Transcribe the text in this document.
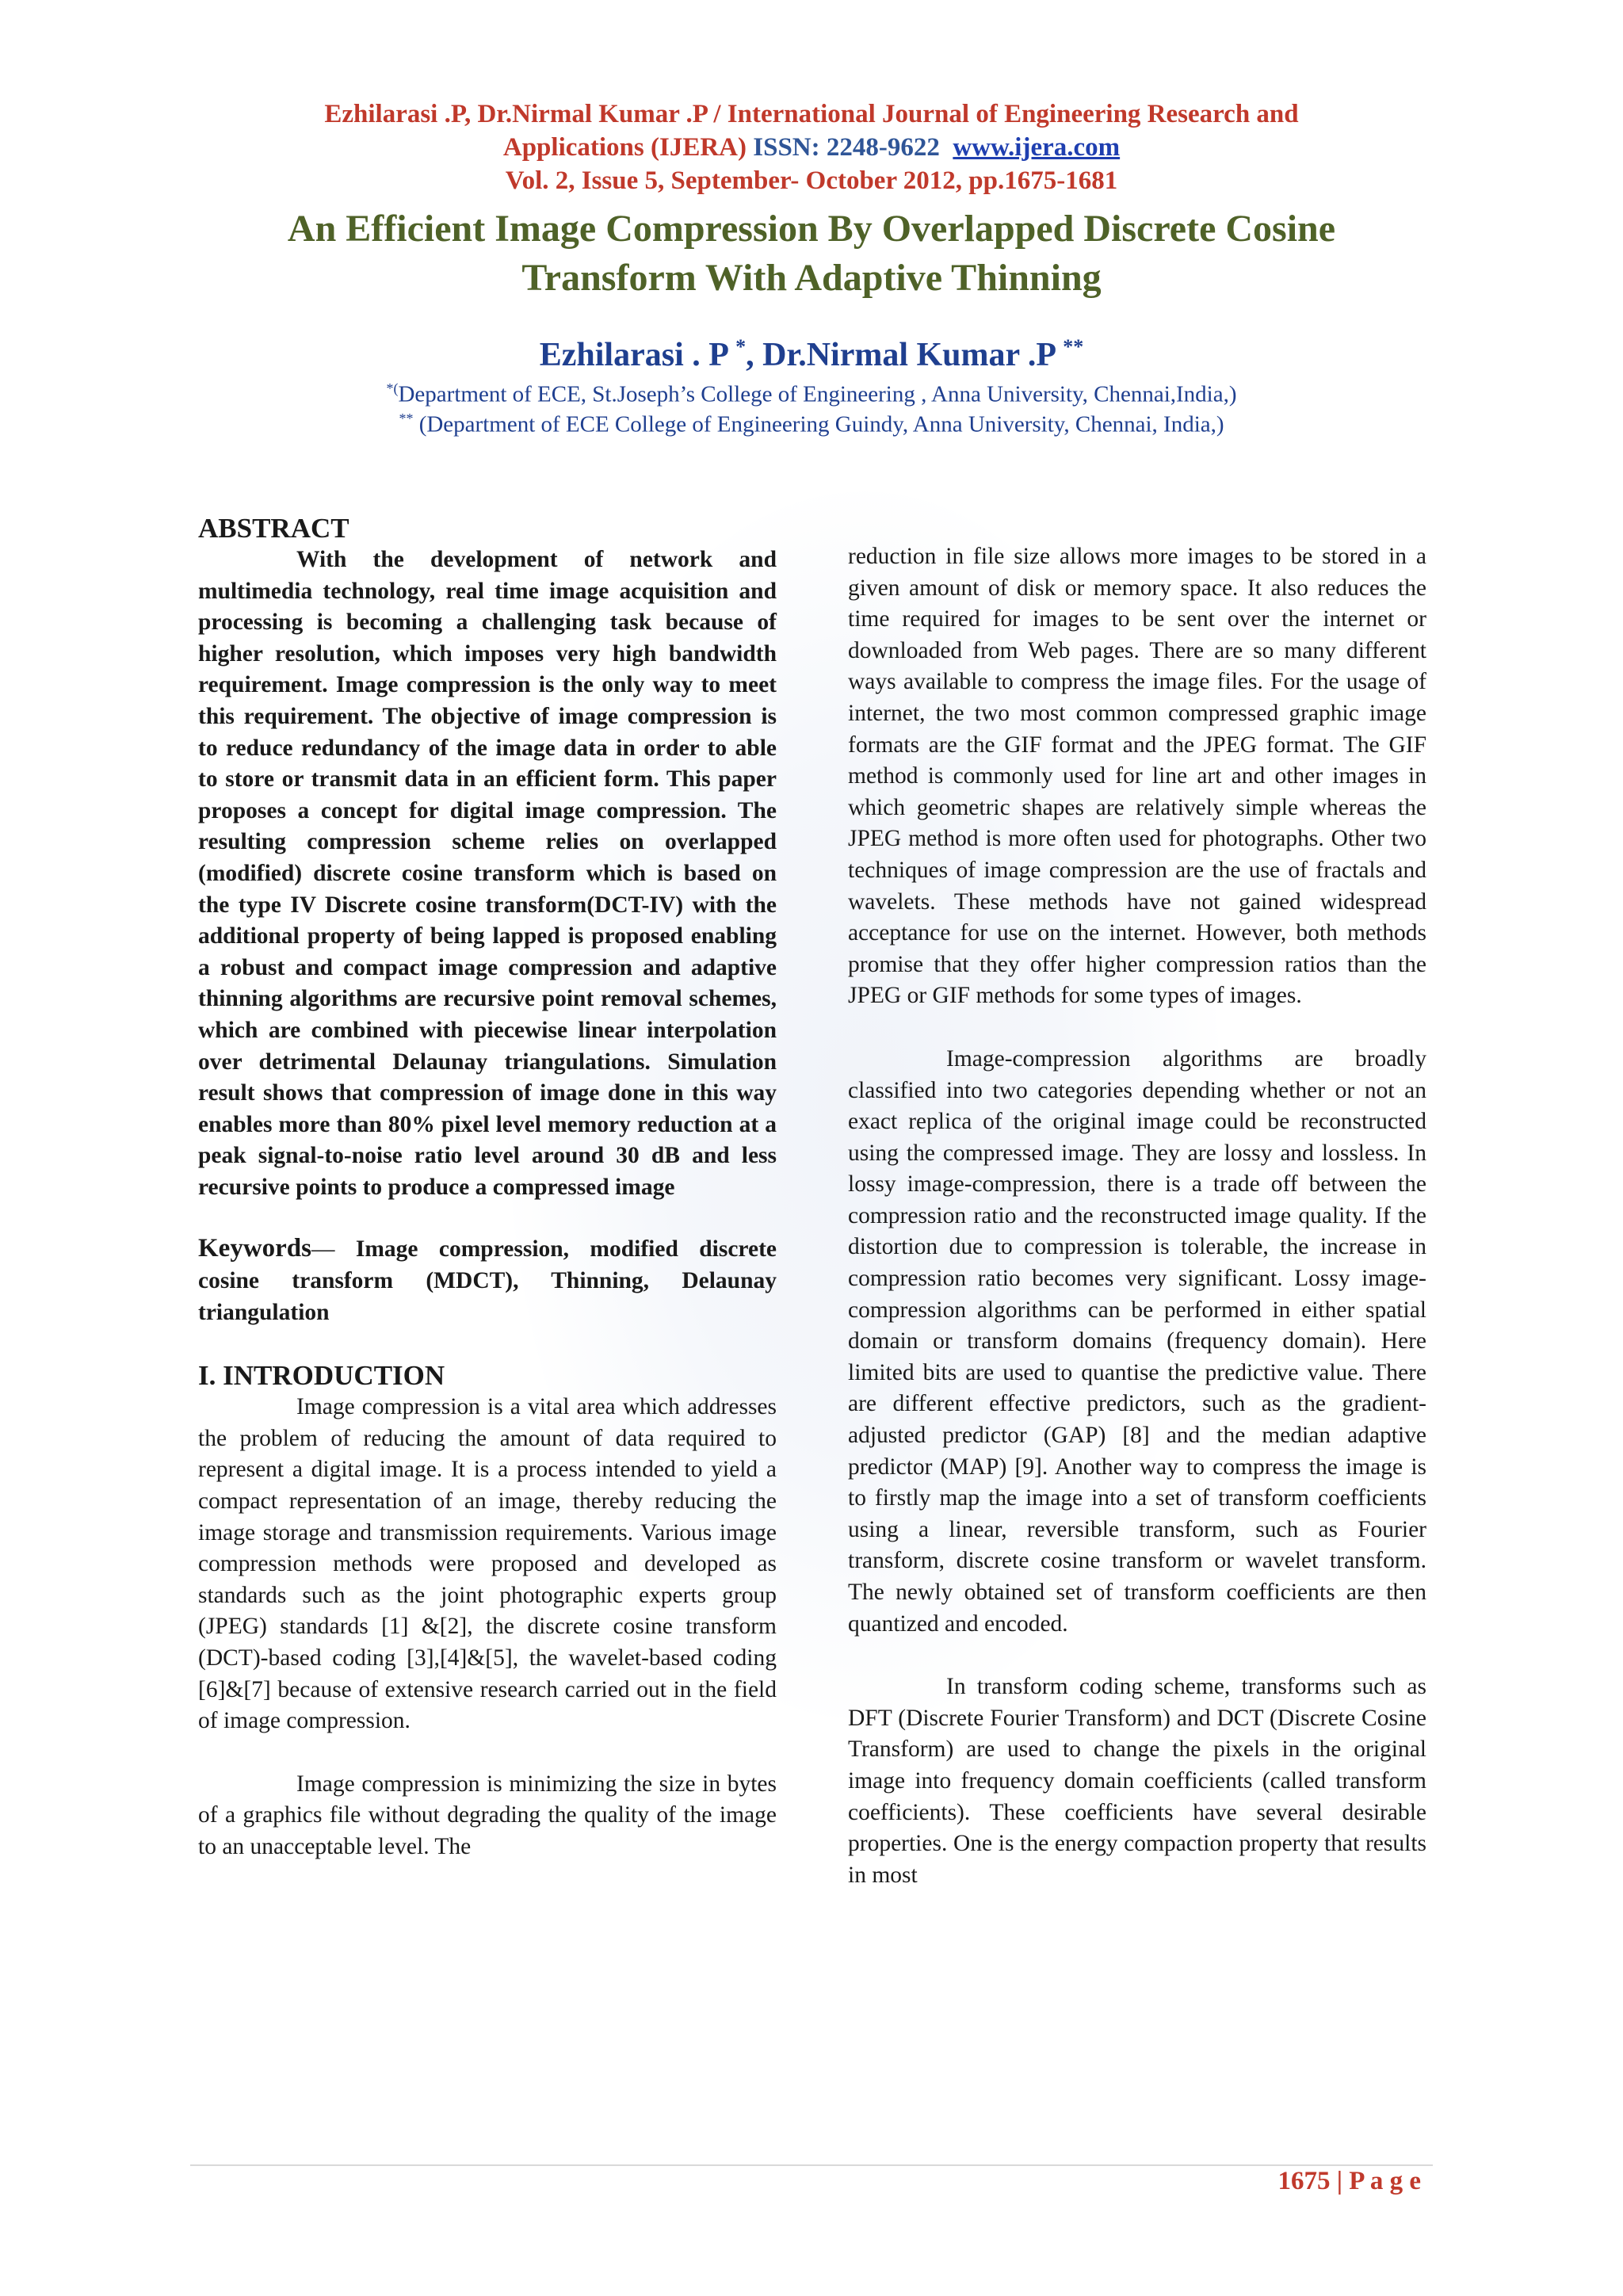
Ezhilarasi .P, Dr.Nirmal Kumar .P / International Journal of Engineering Research and
Applications (IJERA) ISSN: 2248-9622 www.ijera.com
Vol. 2, Issue 5, September- October 2012, pp.1675-1681
An Efficient Image Compression By Overlapped Discrete Cosine
Transform With Adaptive Thinning
Ezhilarasi . P *, Dr.Nirmal Kumar .P **
*(Department of ECE, St.Joseph’s College of Engineering , Anna University, Chennai,India,)
** (Department of ECE College of Engineering Guindy, Anna University, Chennai, India,)
ABSTRACT

With the development of network and multimedia technology, real time image acquisition and processing is becoming a challenging task because of higher resolution, which imposes very high bandwidth requirement. Image compression is the only way to meet this requirement. The objective of image compression is to reduce redundancy of the image data in order to able to store or transmit data in an efficient form. This paper proposes a concept for digital image compression. The resulting compression scheme relies on overlapped (modified) discrete cosine transform which is based on the type IV Discrete cosine transform(DCT-IV) with the additional property of being lapped is proposed enabling a robust and compact image compression and adaptive thinning algorithms are recursive point removal schemes, which are combined with piecewise linear interpolation over detrimental Delaunay triangulations. Simulation result shows that compression of image done in this way enables more than 80% pixel level memory reduction at a peak signal-to-noise ratio level around 30 dB and less recursive points to produce a compressed image

Keywords— Image compression, modified discrete cosine transform (MDCT), Thinning, Delaunay triangulation

I. INTRODUCTION

Image compression is a vital area which addresses the problem of reducing the amount of data required to represent a digital image. It is a process intended to yield a compact representation of an image, thereby reducing the image storage and transmission requirements. Various image compression methods were proposed and developed as standards such as the joint photographic experts group (JPEG) standards [1] &[2], the discrete cosine transform (DCT)-based coding [3],[4]&[5], the wavelet-based coding [6]&[7] because of extensive research carried out in the field of image compression.

Image compression is minimizing the size in bytes of a graphics file without degrading the quality of the image to an unacceptable level. The

reduction in file size allows more images to be stored in a given amount of disk or memory space. It also reduces the time required for images to be sent over the internet or downloaded from Web pages. There are so many different ways available to compress the image files. For the usage of internet, the two most common compressed graphic image formats are the GIF format and the JPEG format. The GIF method is commonly used for line art and other images in which geometric shapes are relatively simple whereas the JPEG method is more often used for photographs. Other two techniques of image compression are the use of fractals and wavelets. These methods have not gained widespread acceptance for use on the internet. However, both methods promise that they offer higher compression ratios than the JPEG or GIF methods for some types of images.

Image-compression algorithms are broadly classified into two categories depending whether or not an exact replica of the original image could be reconstructed using the compressed image. They are lossy and lossless. In lossy image-compression, there is a trade off between the compression ratio and the reconstructed image quality. If the distortion due to compression is tolerable, the increase in compression ratio becomes very significant. Lossy image-compression algorithms can be performed in either spatial domain or transform domains (frequency domain). Here limited bits are used to quantise the predictive value. There are different effective predictors, such as the gradient-adjusted predictor (GAP) [8] and the median adaptive predictor (MAP) [9]. Another way to compress the image is to firstly map the image into a set of transform coefficients using a linear, reversible transform, such as Fourier transform, discrete cosine transform or wavelet transform. The newly obtained set of transform coefficients are then quantized and encoded.

In transform coding scheme, transforms such as DFT (Discrete Fourier Transform) and DCT (Discrete Cosine Transform) are used to change the pixels in the original image into frequency domain coefficients (called transform coefficients). These coefficients have several desirable properties. One is the energy compaction property that results in most

1675 | P a g e
